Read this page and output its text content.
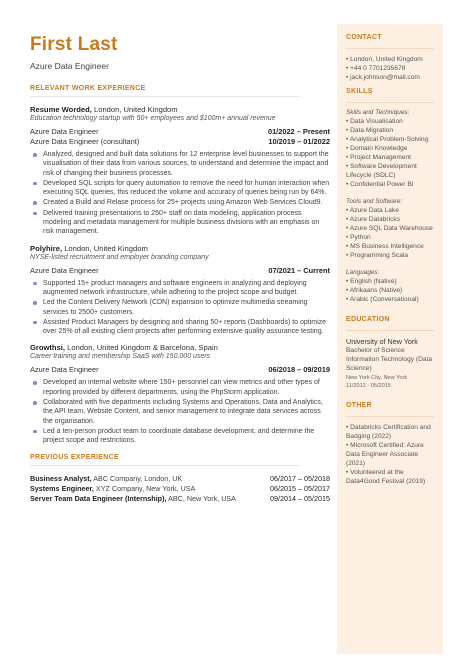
First Last
Azure Data Engineer
RELEVANT WORK EXPERIENCE
Resume Worded, London, United Kingdom
Education technology startup with 50+ employees and $100m+ annual revenue
Azure Data Engineer	01/2022 – Present
Azure Data Engineer (consultant)	10/2019 – 01/2022
Analyzed, designed and built data solutions for 12 enterprise level businesses to support the visualisation of their data from various sources, to understand and determine the impact and risk of changing their business processes.
Developed SQL scripts for query automation to remove the need for human interaction when executing SQL queries, this reduced the volume and accuracy of queries being run by 64%.
Created a Build and Relase process for 25+ projects using Amazon Web Services Cloud9.
Delivered training presentations to 250+ staff on data modeling, application process modeling and metadata management for multiple business divisions with an emphasis on risk management.
Polyhire, London, United Kingdom
NYSE-listed recruitment and employer branding company
Azure Data Engineer	07/2021 – Current
Supported 15+ product managers and software engineers in analyzing and deploying augmented network infrastructure, while adhering to the project scope and budget.
Led the Content Delivery Network (CDN) expansion to optimize multimedia streaming services to 2500+ customers.
Assisted Product Managers by designing and sharing 50+ reports (Dashboards) to optimize over 25% of all existing client projects after performing extensive quality assurance testing.
Growthsi, London, United Kingdom & Barcelona, Spain
Career training and membership SaaS with 150,000 users
Azure Data Engineer	06/2018 – 09/2019
Developed an internal website where 150+ personnel can view metrics and other types of reporting provided by different departments, using the PhpStorm application.
Collaborated with five departments including Systems and Operations, Data and Analytics, the API team, Website Content, and senior management to integrate data services across the organisation.
Led a ten-person product team to coordinate database development, and determine the project scope and restrictions.
PREVIOUS EXPERIENCE
Business Analyst, ABC Company, London, UK	06/2017 – 05/2018
Systems Engineer, XYZ Company, New York, USA	06/2015 – 05/2017
Server Team Data Engineer (Internship), ABC, New York, USA	09/2014 – 05/2015
CONTACT
• London, United Kingdom
• +44 0 7701235678
• jack.johnson@mail.com
SKILLS
Skills and Techniques:
• Data Visualisation
• Data Migration
• Analytical Problem-Solving
• Domain Knowledge
• Project Management
• Software Development Lifecycle (SDLC)
• Confidential Power BI
Tools and Software:
• Azure Data Lake
• Azure Databricks
• Azure SQL Data Warehouse
• Python
• MS Business Intelligence
• Programming Scala
Languages:
• English (Native)
• Afrikaans (Native)
• Arabic (Conversational)
EDUCATION
University of New York
Bachelor of Science Information Technology (Data Science)
New York City, New York
11/2012 - 05/2015
OTHER
• Databricks Certification and Badging (2022)
• Microsoft Certified: Azure Data Engineer Associate (2021)
• Volunteered at the Data4Good Festival (2019)
